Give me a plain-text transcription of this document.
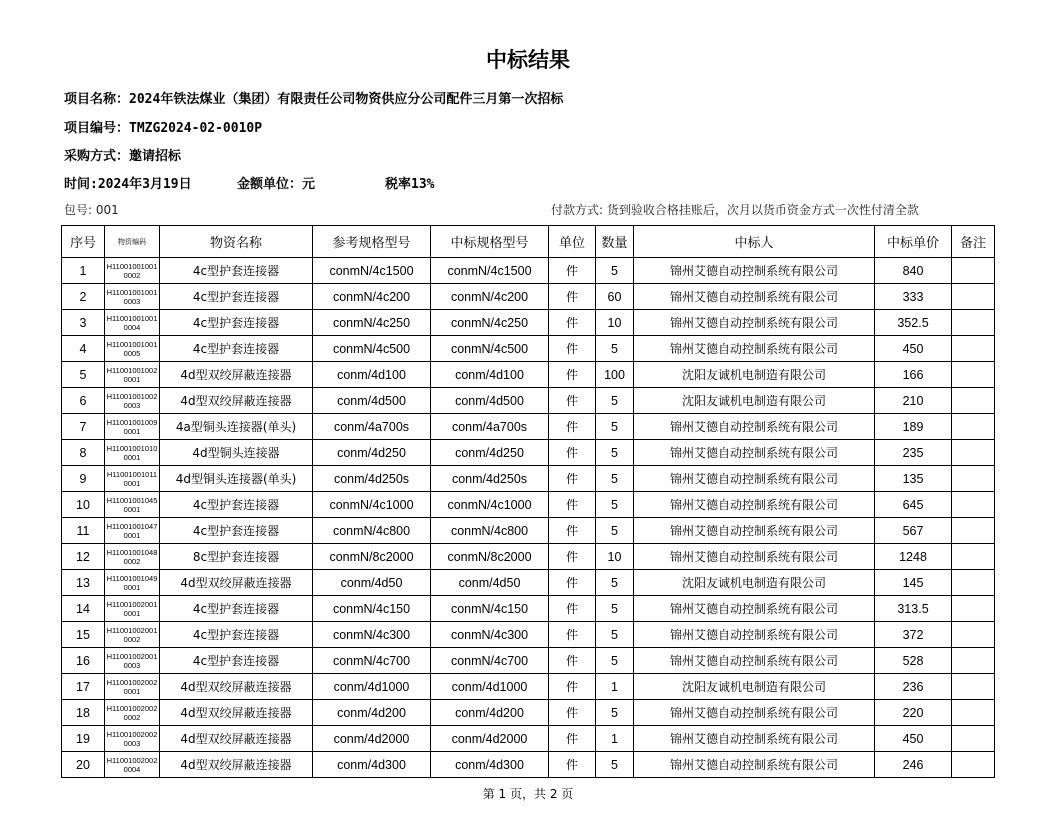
中标结果
项目名称：2024年铁法煤业（集团）有限责任公司物资供应分公司配件三月第一次招标
项目编号：TMZG2024-02-0010P
采购方式：邀请招标
时间:2024年3月19日	金额单位：元	税率13%
包号: 001	付款方式: 货到验收合格挂账后，次月以货币资金方式一次性付清全款
序号	物资编码	物资名称	参考规格型号	中标规格型号	单位	数量	中标人	中标单价	备注
1	H110010010010002	4c型护套连接器	conmN/4c1500	conmN/4c1500	件	5	锦州艾德自动控制系统有限公司	840	
2	H110010010010003	4c型护套连接器	conmN/4c200	conmN/4c200	件	60	锦州艾德自动控制系统有限公司	333	
3	H110010010010004	4c型护套连接器	conmN/4c250	conmN/4c250	件	10	锦州艾德自动控制系统有限公司	352.5	
4	H110010010010005	4c型护套连接器	conmN/4c500	conmN/4c500	件	5	锦州艾德自动控制系统有限公司	450	
5	H110010010020001	4d型双绞屏蔽连接器	conm/4d100	conm/4d100	件	100	沈阳友诚机电制造有限公司	166	
6	H110010010020003	4d型双绞屏蔽连接器	conm/4d500	conm/4d500	件	5	沈阳友诚机电制造有限公司	210	
7	H110010010090001	4a型铜头连接器(单头)	conm/4a700s	conm/4a700s	件	5	锦州艾德自动控制系统有限公司	189	
8	H110010010100001	4d型铜头连接器	conm/4d250	conm/4d250	件	5	锦州艾德自动控制系统有限公司	235	
9	H110010010110001	4d型铜头连接器(单头)	conm/4d250s	conm/4d250s	件	5	锦州艾德自动控制系统有限公司	135	
10	H110010010450001	4c型护套连接器	conmN/4c1000	conmN/4c1000	件	5	锦州艾德自动控制系统有限公司	645	
11	H110010010470001	4c型护套连接器	conmN/4c800	conmN/4c800	件	5	锦州艾德自动控制系统有限公司	567	
12	H110010010480002	8c型护套连接器	conmN/8c2000	conmN/8c2000	件	10	锦州艾德自动控制系统有限公司	1248	
13	H110010010490001	4d型双绞屏蔽连接器	conm/4d50	conm/4d50	件	5	沈阳友诚机电制造有限公司	145	
14	H110010020010001	4c型护套连接器	conmN/4c150	conmN/4c150	件	5	锦州艾德自动控制系统有限公司	313.5	
15	H110010020010002	4c型护套连接器	conmN/4c300	conmN/4c300	件	5	锦州艾德自动控制系统有限公司	372	
16	H110010020010003	4c型护套连接器	conmN/4c700	conmN/4c700	件	5	锦州艾德自动控制系统有限公司	528	
17	H110010020020001	4d型双绞屏蔽连接器	conm/4d1000	conm/4d1000	件	1	沈阳友诚机电制造有限公司	236	
18	H110010020020002	4d型双绞屏蔽连接器	conm/4d200	conm/4d200	件	5	锦州艾德自动控制系统有限公司	220	
19	H110010020020003	4d型双绞屏蔽连接器	conm/4d2000	conm/4d2000	件	1	锦州艾德自动控制系统有限公司	450	
20	H110010020020004	4d型双绞屏蔽连接器	conm/4d300	conm/4d300	件	5	锦州艾德自动控制系统有限公司	246	
第 1 页，共 2 页
